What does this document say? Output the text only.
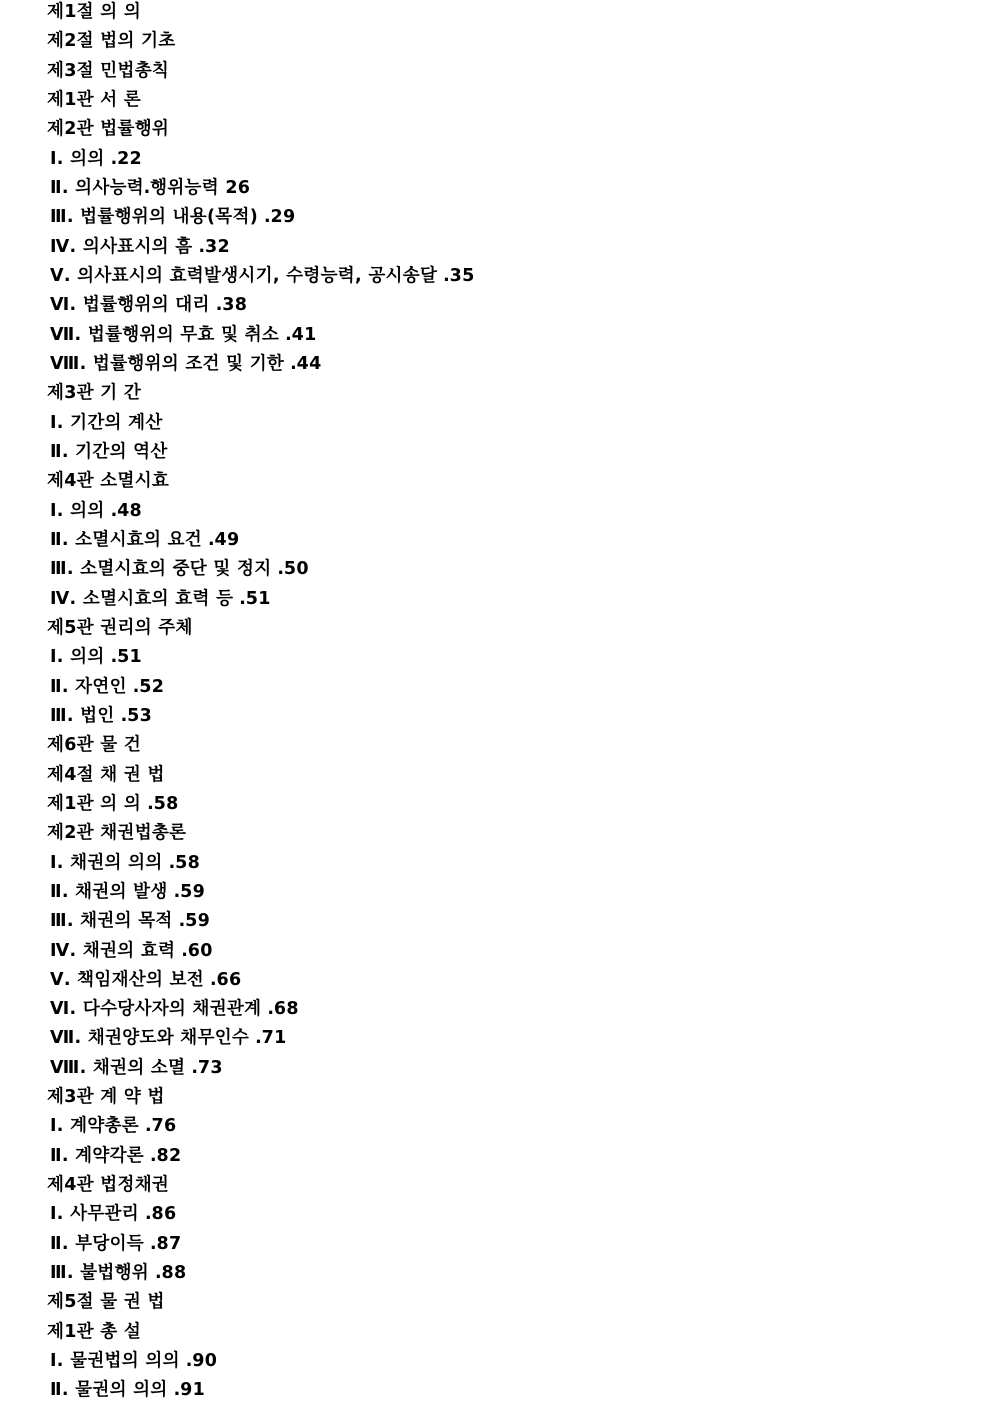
제1절 의 의
제2절 법의 기초
제3절 민법총칙
제1관 서 론
제2관 법률행위
Ⅰ. 의의 ․22
Ⅱ. 의사능력․행위능력 26
Ⅲ. 법률행위의 내용(목적) ․29
Ⅳ. 의사표시의 흠 ․32
Ⅴ. 의사표시의 효력발생시기, 수령능력, 공시송달 ․35
Ⅵ. 법률행위의 대리 ․38
Ⅶ. 법률행위의 무효 및 취소 ․41
Ⅷ. 법률행위의 조건 및 기한 ․44
제3관 기 간
Ⅰ. 기간의 계산
Ⅱ. 기간의 역산
제4관 소멸시효
Ⅰ. 의의 ․48
Ⅱ. 소멸시효의 요건 ․49
Ⅲ. 소멸시효의 중단 및 정지 ․50
Ⅳ. 소멸시효의 효력 등 ․51
제5관 권리의 주체
Ⅰ. 의의 ․51
Ⅱ. 자연인 ․52
Ⅲ. 법인 ․53
제6관 물 건
제4절 채 권 법
제1관 의 의 ․58
제2관 채권법총론
Ⅰ. 채권의 의의 ․58
Ⅱ. 채권의 발생 ․59
Ⅲ. 채권의 목적 ․59
Ⅳ. 채권의 효력 ․60
Ⅴ. 책임재산의 보전 ․66
Ⅵ. 다수당사자의 채권관계 ․68
Ⅶ. 채권양도와 채무인수 ․71
Ⅷ. 채권의 소멸 ․73
제3관 계 약 법
Ⅰ. 계약총론 ․76
Ⅱ. 계약각론 ․82
제4관 법정채권
Ⅰ. 사무관리 ․86
Ⅱ. 부당이득 ․87
Ⅲ. 불법행위 ․88
제5절 물 권 법
제1관 총 설
Ⅰ. 물권법의 의의 ․90
Ⅱ. 물권의 의의 ․91
